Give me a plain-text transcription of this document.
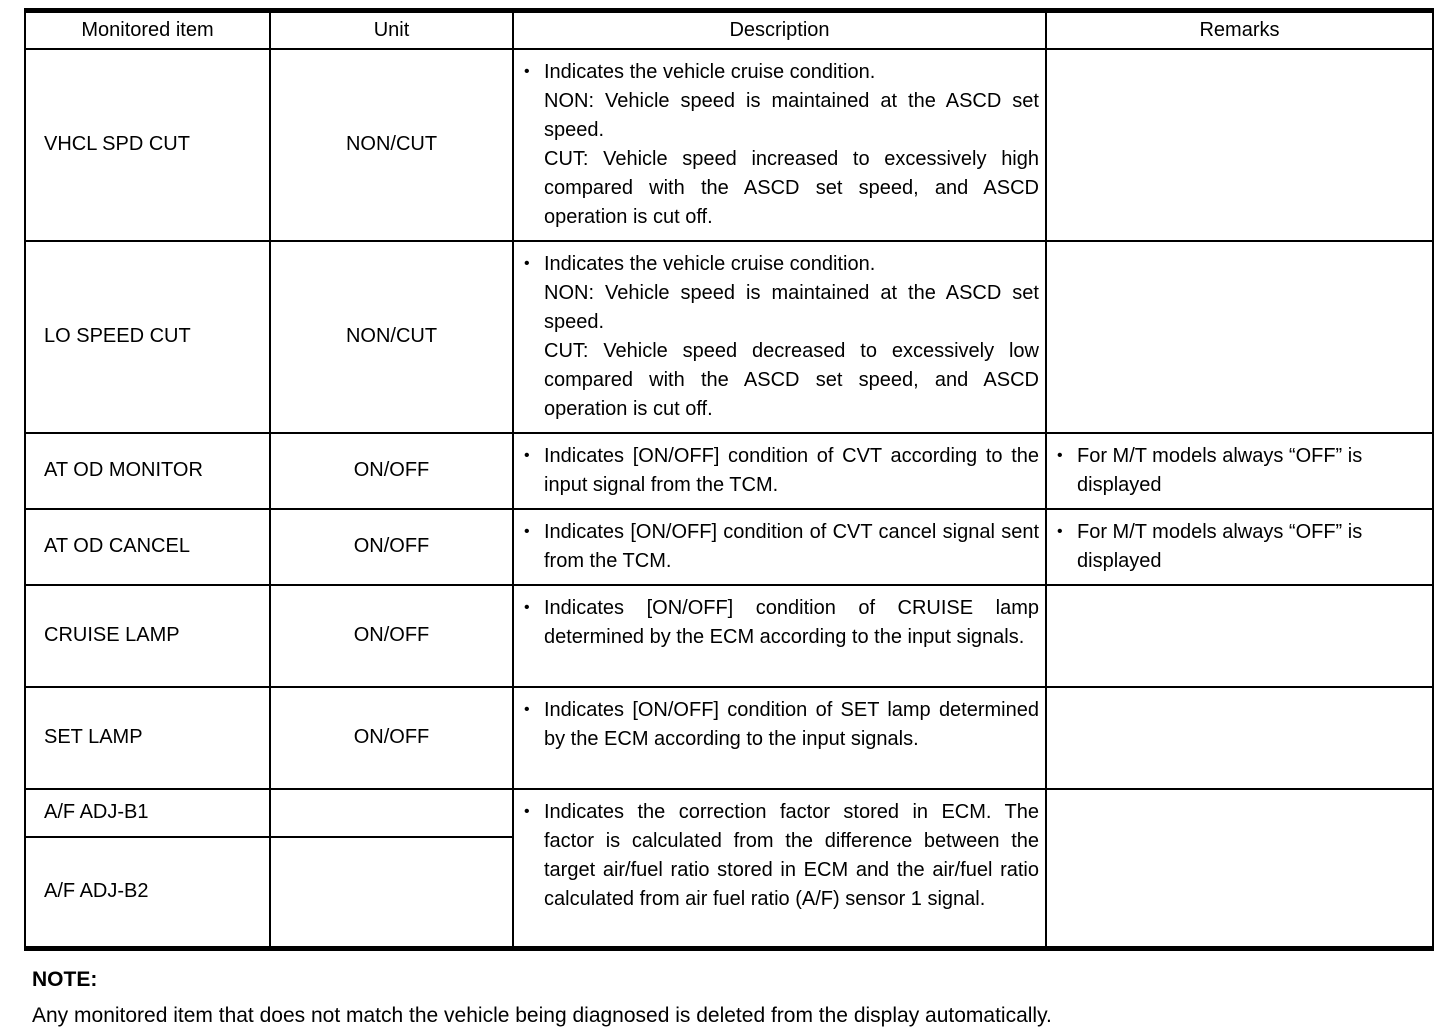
Monitored item	Unit	Description	Remarks
VHCL SPD CUT	NON/CUT	• Indicates the vehicle cruise condition.
NON: Vehicle speed is maintained at the ASCD set speed.
CUT: Vehicle speed increased to excessively high compared with the ASCD set speed, and ASCD operation is cut off.	

LO SPEED CUT	NON/CUT	• Indicates the vehicle cruise condition.
NON: Vehicle speed is maintained at the ASCD set speed.
CUT: Vehicle speed decreased to excessively low compared with the ASCD set speed, and ASCD operation is cut off.	

AT OD MONITOR	ON/OFF	• Indicates [ON/OFF] condition of CVT according to the input signal from the TCM.	• For M/T models always “OFF” is displayed

AT OD CANCEL	ON/OFF	• Indicates [ON/OFF] condition of CVT cancel signal sent from the TCM.	• For M/T models always “OFF” is displayed

CRUISE LAMP	ON/OFF	• Indicates [ON/OFF] condition of CRUISE lamp determined by the ECM according to the input signals.	

SET LAMP	ON/OFF	• Indicates [ON/OFF] condition of SET lamp determined by the ECM according to the input signals.	

A/F ADJ-B1		• Indicates the correction factor stored in ECM. The factor is calculated from the difference between the target air/fuel ratio stored in ECM and the air/fuel ratio calculated from air fuel ratio (A/F) sensor 1 signal.	

A/F ADJ-B2			
NOTE:
Any monitored item that does not match the vehicle being diagnosed is deleted from the display automatically.
